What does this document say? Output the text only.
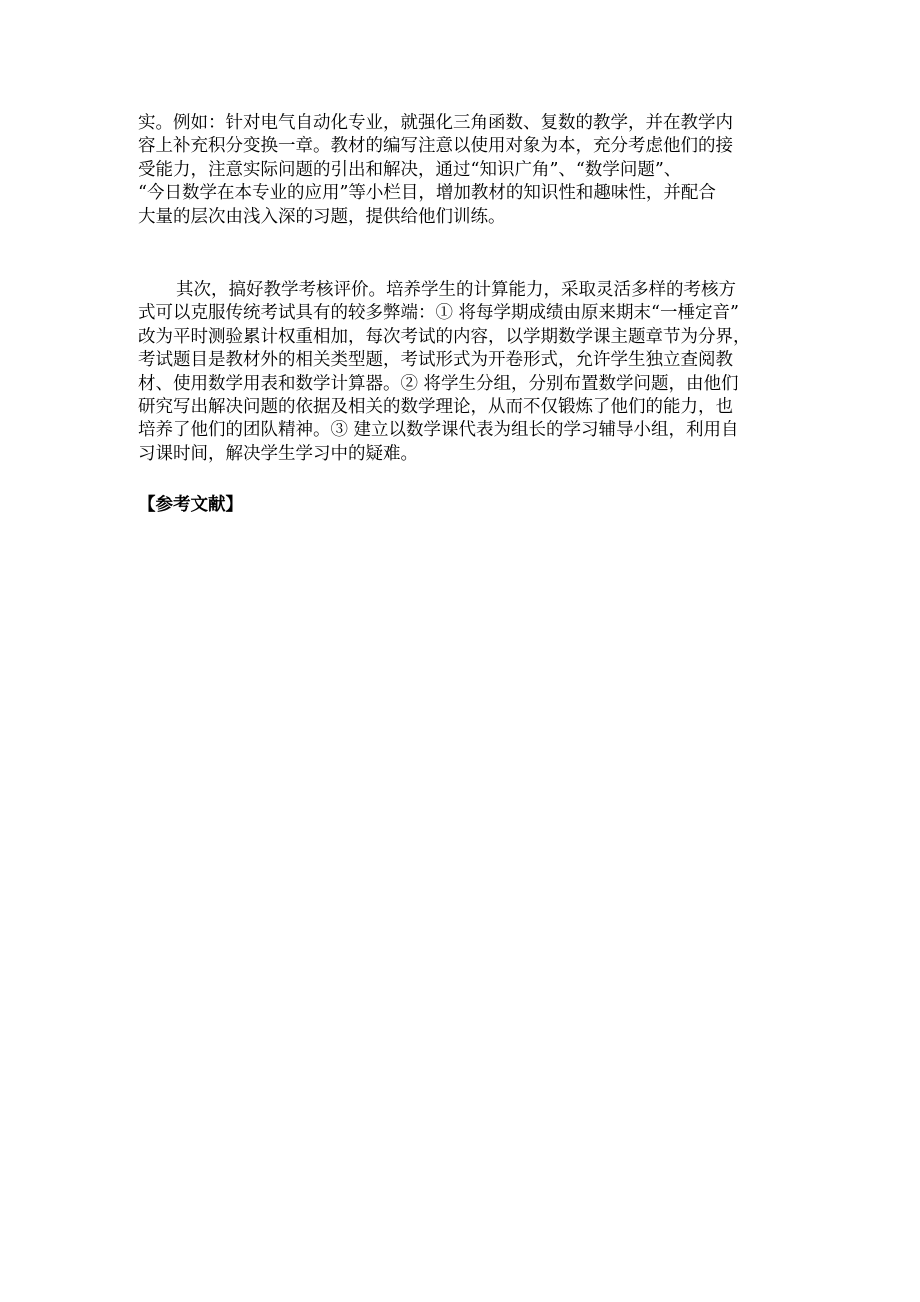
实。例如：针对电气自动化专业，就强化三角函数、复数的教学，并在教学内
容上补充积分变换一章。教材的编写注意以使用对象为本，充分考虑他们的接
受能力，注意实际问题的引出和解决，通过“知识广角”、“数学问题”、
“今日数学在本专业的应用”等小栏目，增加教材的知识性和趣味性，并配合
大量的层次由浅入深的习题，提供给他们训练。
其次，搞好教学考核评价。培养学生的计算能力，采取灵活多样的考核方
式可以克服传统考试具有的较多弊端：① 将每学期成绩由原来期末“一棰定音”
改为平时测验累计权重相加，每次考试的内容，以学期数学课主题章节为分界，
考试题目是教材外的相关类型题，考试形式为开卷形式，允许学生独立查阅教
材、使用数学用表和数学计算器。② 将学生分组，分别布置数学问题，由他们
研究写出解决问题的依据及相关的数学理论，从而不仅锻炼了他们的能力，也
培养了他们的团队精神。③ 建立以数学课代表为组长的学习辅导小组，利用自
习课时间，解决学生学习中的疑难。
【参考文献】
